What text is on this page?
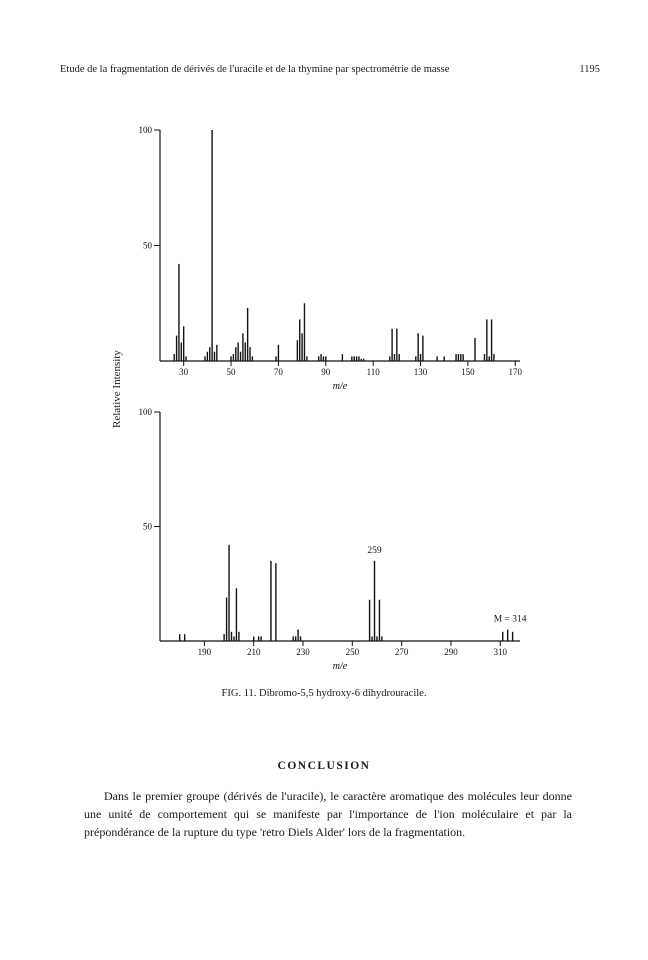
Etude de la fragmentation de dérivés de l'uracile et de la thymine par spectrométrie de masse	1195
50
100
30	50	70	90	110	130	150	170
m/e
50
100
190	210	230	250	270	290	310
m/e
259
M = 314
Relative Intensity
FIG. 11. Dibromo-5,5 hydroxy-6 dihydrouracile.
CONCLUSION

Dans le premier groupe (dérivés de l'uracile), le caractère aromatique des molécules leur donne une unité de comportement qui se manifeste par l'importance de l'ion moléculaire et par la prépondérance de la rupture du type 'retro Diels Alder' lors de la fragmentation.
